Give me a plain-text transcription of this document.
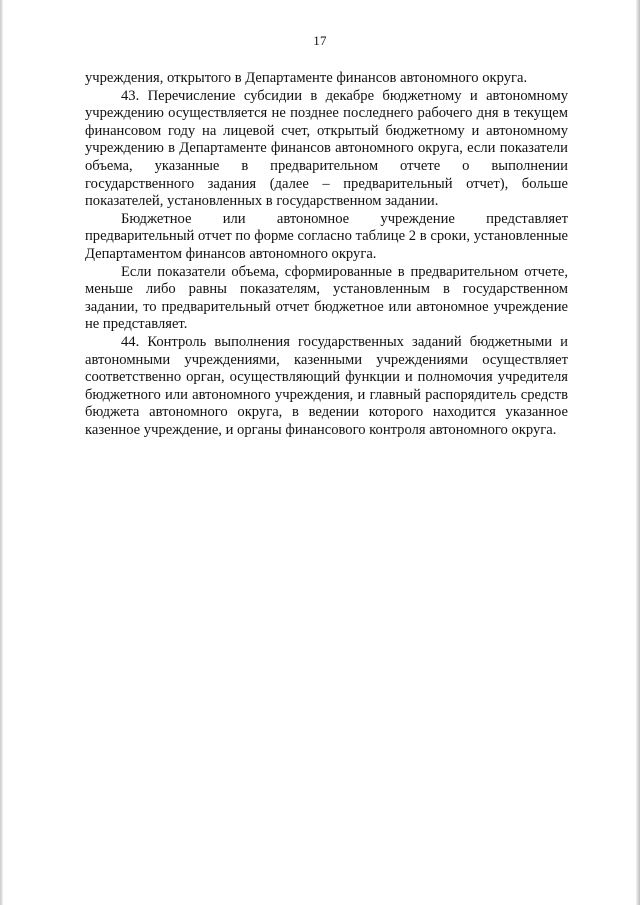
17

учреждения, открытого в Департаменте финансов автономного округа.

43. Перечисление субсидии в декабре бюджетному и автономному учреждению осуществляется не позднее последнего рабочего дня в текущем финансовом году на лицевой счет, открытый бюджетному и автономному учреждению в Департаменте финансов автономного округа, если показатели объема, указанные в предварительном отчете о выполнении государственного задания (далее – предварительный отчет), больше показателей, установленных в государственном задании.

Бюджетное или автономное учреждение представляет предварительный отчет по форме согласно таблице 2 в сроки, установленные Департаментом финансов автономного округа.

Если показатели объема, сформированные в предварительном отчете, меньше либо равны показателям, установленным в государственном задании, то предварительный отчет бюджетное или автономное учреждение не представляет.

44. Контроль выполнения государственных заданий бюджетными и автономными учреждениями, казенными учреждениями осуществляет соответственно орган, осуществляющий функции и полномочия учредителя бюджетного или автономного учреждения, и главный распорядитель средств бюджета автономного округа, в ведении которого находится указанное казенное учреждение, и органы финансового контроля автономного округа.
